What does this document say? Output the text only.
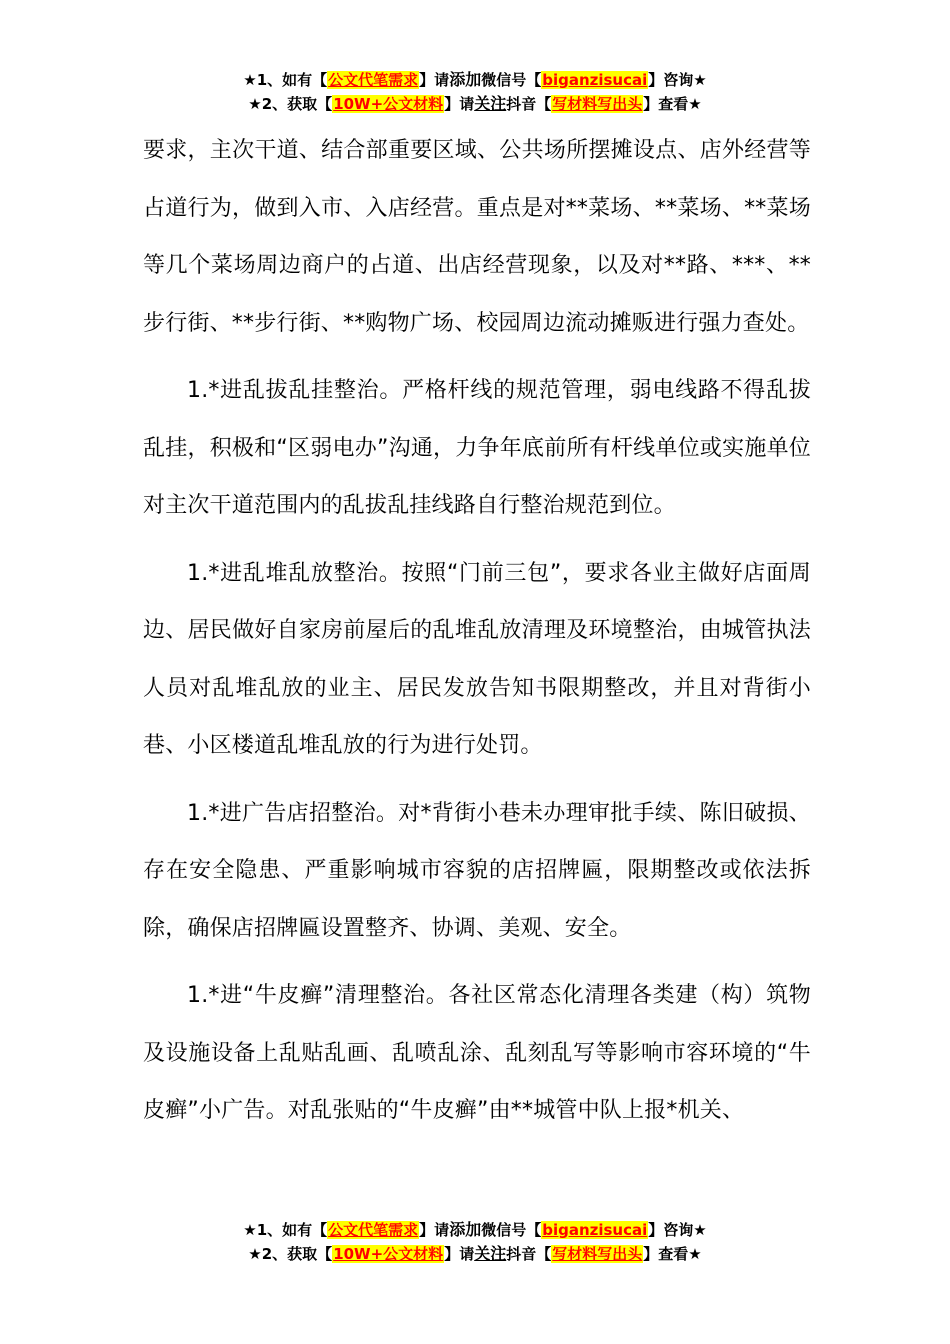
★1、如有【公文代笔需求】请添加微信号【biganzisucai】咨询★
★2、获取【10W+公文材料】请关注抖音【写材料写出头】查看★

要求，主次干道、结合部重要区域、公共场所摆摊设点、店外经营等占道行为，做到入市、入店经营。重点是对**菜场、**菜场、**菜场等几个菜场周边商户的占道、出店经营现象，以及对**路、***、**步行街、**步行街、**购物广场、校园周边流动摊贩进行强力查处。

1.*进乱拔乱挂整治。严格杆线的规范管理，弱电线路不得乱拔乱挂，积极和“区弱电办”沟通，力争年底前所有杆线单位或实施单位对主次干道范围内的乱拔乱挂线路自行整治规范到位。

1.*进乱堆乱放整治。按照“门前三包”，要求各业主做好店面周边、居民做好自家房前屋后的乱堆乱放清理及环境整治，由城管执法人员对乱堆乱放的业主、居民发放告知书限期整改，并且对背街小巷、小区楼道乱堆乱放的行为进行处罚。

1.*进广告店招整治。对*背街小巷未办理审批手续、陈旧破损、存在安全隐患、严重影响城市容貌的店招牌匾，限期整改或依法拆除，确保店招牌匾设置整齐、协调、美观、安全。

1.*进“牛皮癣”清理整治。各社区常态化清理各类建（构）筑物及设施设备上乱贴乱画、乱喷乱涂、乱刻乱写等影响市容环境的“牛皮癣”小广告。对乱张贴的“牛皮癣”由**城管中队上报*机关、

★1、如有【公文代笔需求】请添加微信号【biganzisucai】咨询★
★2、获取【10W+公文材料】请关注抖音【写材料写出头】查看★
